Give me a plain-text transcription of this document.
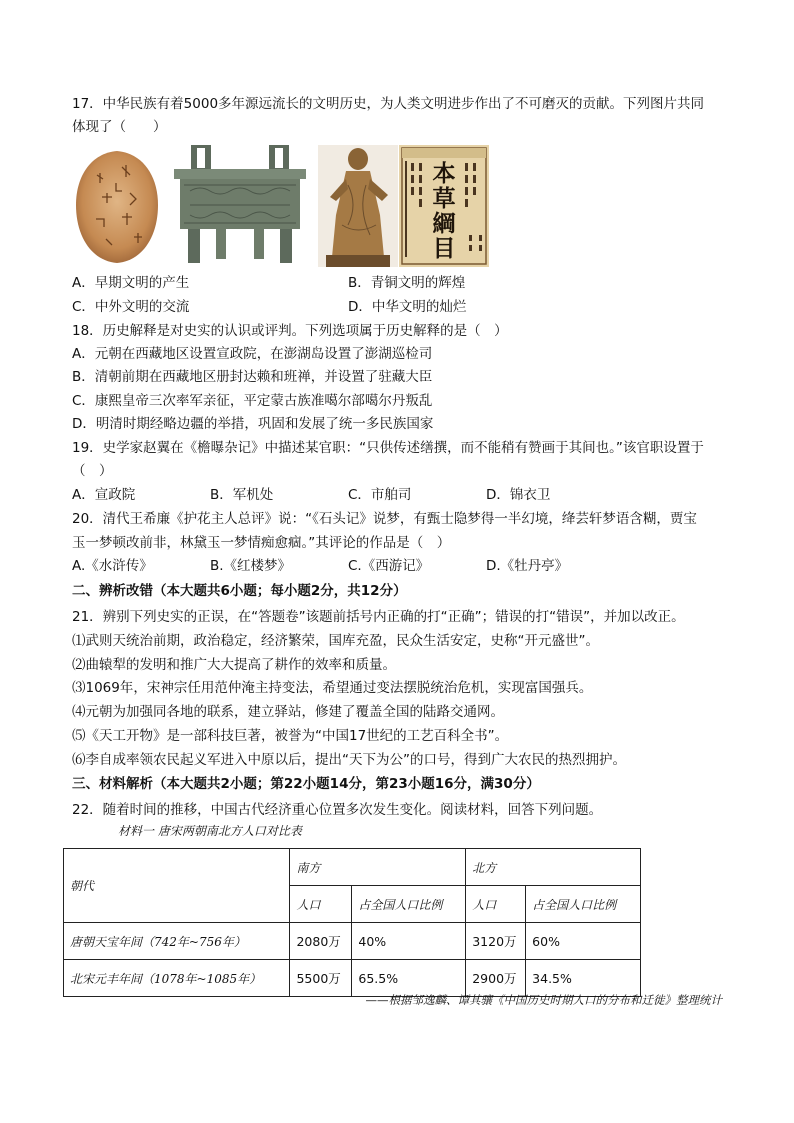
17．中华民族有着5000多年源远流长的文明历史，为人类文明进步作出了不可磨灭的贡献。下列图片共同
体现了（　　）
本草綱目
A．早期文明的产生	B．青铜文明的辉煌
C．中外文明的交流	D．中华文明的灿烂
18．历史解释是对史实的认识或评判。下列选项属于历史解释的是（　）
A．元朝在西藏地区设置宣政院，在澎湖岛设置了澎湖巡检司
B．清朝前期在西藏地区册封达赖和班禅，并设置了驻藏大臣
C．康熙皇帝三次率军亲征，平定蒙古族准噶尔部噶尔丹叛乱
D．明清时期经略边疆的举措，巩固和发展了统一多民族国家
19．史学家赵翼在《檐曝杂记》中描述某官职：“只供传述缮撰，而不能稍有赞画于其间也。”该官职设置于
（　）
A．宣政院	B．军机处	C．市舶司	D．锦衣卫
20．清代王希廉《护花主人总评》说：“《石头记》说梦，有甄士隐梦得一半幻境，绛芸轩梦语含糊，贾宝
玉一梦顿改前非，林黛玉一梦情痴愈痼。”其评论的作品是（　）
A.《水浒传》	B.《红楼梦》	C.《西游记》	D.《牡丹亭》
二、辨析改错（本大题共6小题；每小题2分，共12分）
21．辨别下列史实的正误，在“答题卷”该题前括号内正确的打“正确”；错误的打“错误”，并加以改正。
⑴武则天统治前期，政治稳定，经济繁荣，国库充盈，民众生活安定，史称“开元盛世”。
⑵曲辕犁的发明和推广大大提高了耕作的效率和质量。
⑶1069年，宋神宗任用范仲淹主持变法，希望通过变法摆脱统治危机，实现富国强兵。
⑷元朝为加强同各地的联系，建立驿站，修建了覆盖全国的陆路交通网。
⑸《天工开物》是一部科技巨著，被誉为“中国17世纪的工艺百科全书”。
⑹李自成率领农民起义军进入中原以后，提出“天下为公”的口号，得到广大农民的热烈拥护。
三、材料解析（本大题共2小题；第22小题14分，第23小题16分，满30分）
22．随着时间的推移，中国古代经济重心位置多次发生变化。阅读材料，回答下列问题。
材料一 唐宋两朝南北方人口对比表
朝代	南方		北方	
	人口	占全国人口比例	人口	占全国人口比例
唐朝天宝年间（742年~756年）	2080万	40%	3120万	60%
北宋元丰年间（1078年~1085年）	5500万	65.5%	2900万	34.5%
——根据邹逸麟、谭其骧《中国历史时期人口的分布和迁徙》整理统计
